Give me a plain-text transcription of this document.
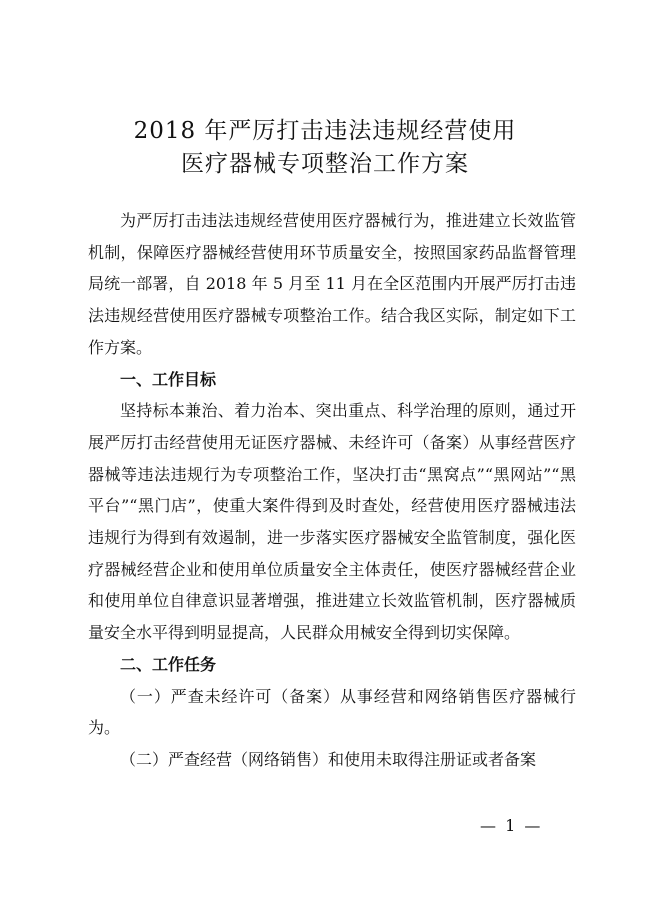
2018 年严厉打击违法违规经营使用
医疗器械专项整治工作方案

为严厉打击违法违规经营使用医疗器械行为，推进建立长效监管机制，保障医疗器械经营使用环节质量安全，按照国家药品监督管理局统一部署，自 2018 年 5 月至 11 月在全区范围内开展严厉打击违法违规经营使用医疗器械专项整治工作。结合我区实际，制定如下工作方案。

一、工作目标

坚持标本兼治、着力治本、突出重点、科学治理的原则，通过开展严厉打击经营使用无证医疗器械、未经许可（备案）从事经营医疗器械等违法违规行为专项整治工作，坚决打击“黑窝点”“黑网站”“黑平台”“黑门店”，使重大案件得到及时查处，经营使用医疗器械违法违规行为得到有效遏制，进一步落实医疗器械安全监管制度，强化医疗器械经营企业和使用单位质量安全主体责任，使医疗器械经营企业和使用单位自律意识显著增强，推进建立长效监管机制，医疗器械质量安全水平得到明显提高，人民群众用械安全得到切实保障。

二、工作任务

（一）严查未经许可（备案）从事经营和网络销售医疗器械行为。

（二）严查经营（网络销售）和使用未取得注册证或者备案

— 1 —
